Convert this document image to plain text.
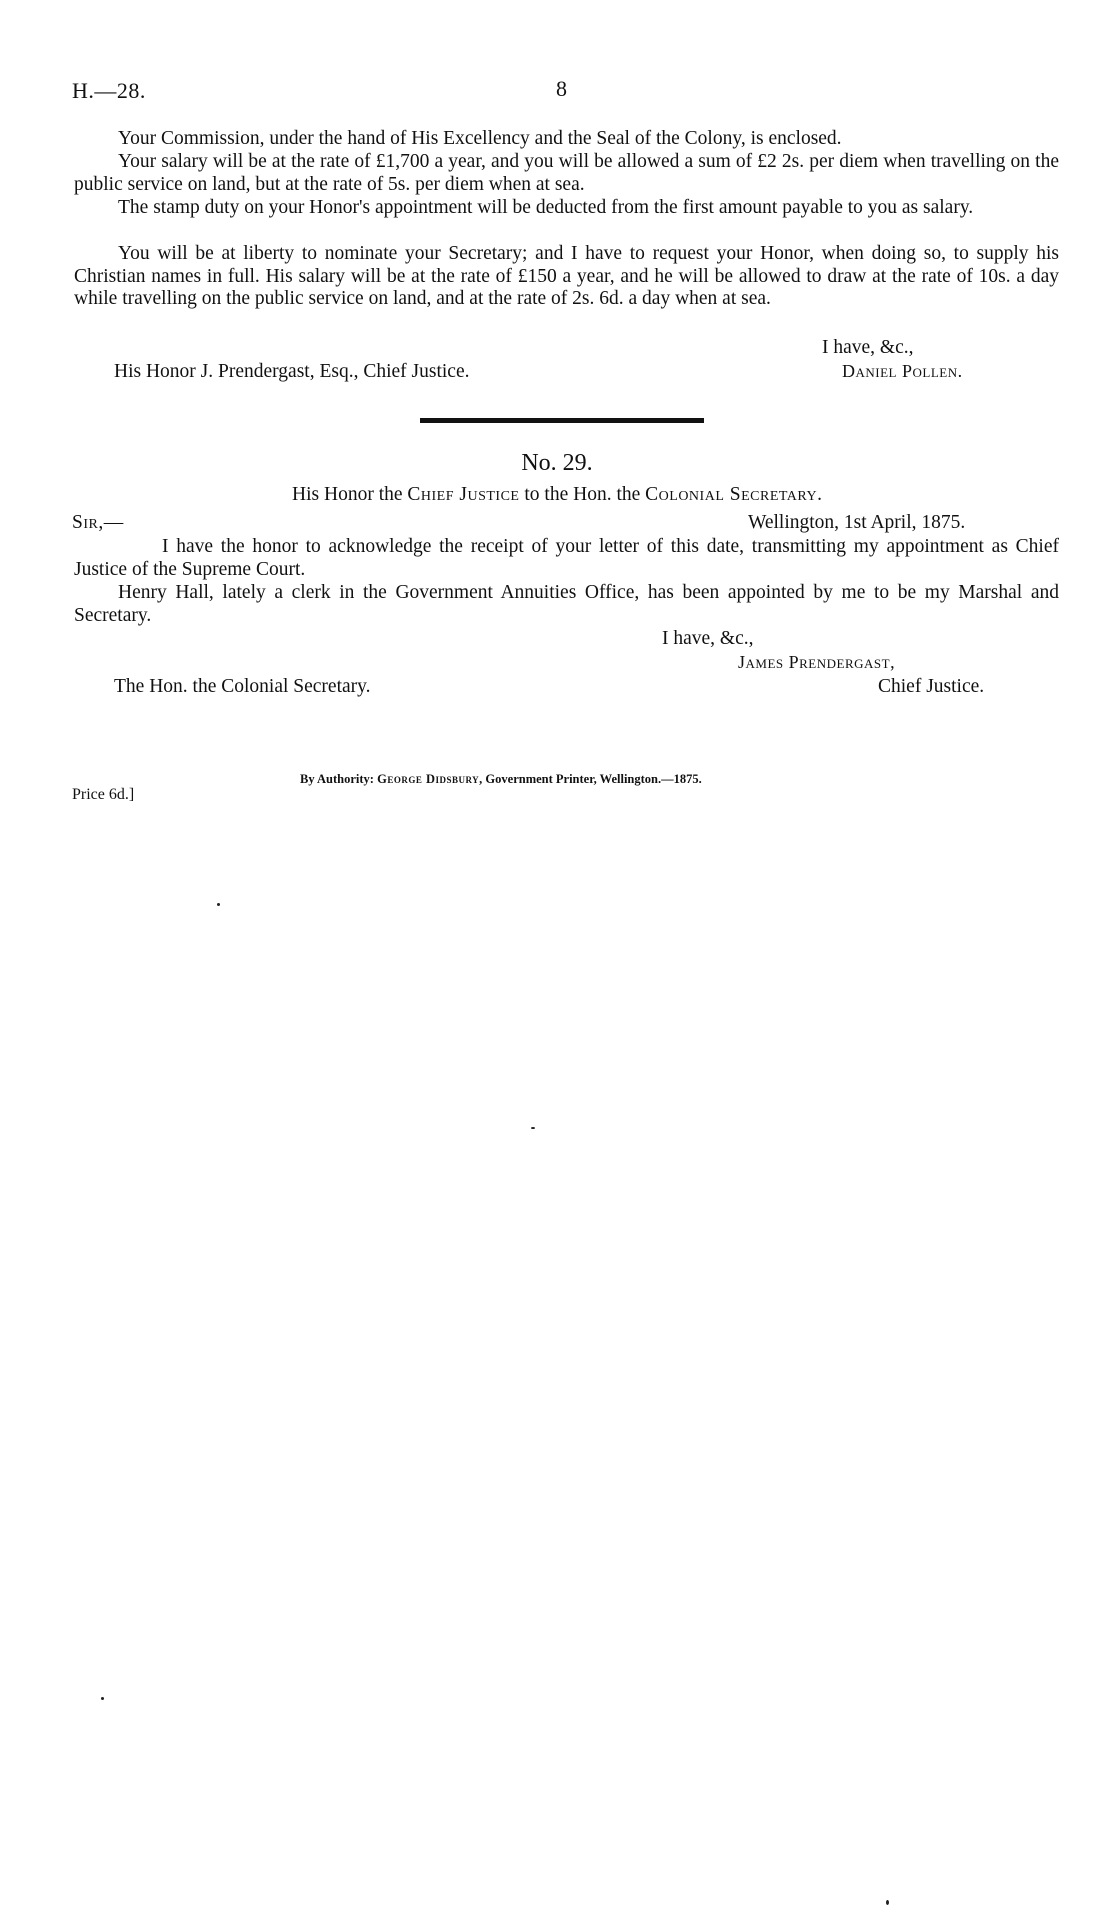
H.—28.	8
Your Commission, under the hand of His Excellency and the Seal of the Colony, is enclosed.
Your salary will be at the rate of £1,700 a year, and you will be allowed a sum of £2 2s. per diem when travelling on the public service on land, but at the rate of 5s. per diem when at sea.
The stamp duty on your Honor's appointment will be deducted from the first amount payable to you as salary.
You will be at liberty to nominate your Secretary; and I have to request your Honor, when doing so, to supply his Christian names in full. His salary will be at the rate of £150 a year, and he will be allowed to draw at the rate of 10s. a day while travelling on the public service on land, and at the rate of 2s. 6d. a day when at sea.
I have, &c.,
His Honor J. Prendergast, Esq., Chief Justice.	Daniel Pollen.
No. 29.
His Honor the Chief Justice to the Hon. the Colonial Secretary.
Sir,—	Wellington, 1st April, 1875.
I have the honor to acknowledge the receipt of your letter of this date, transmitting my appointment as Chief Justice of the Supreme Court.
Henry Hall, lately a clerk in the Government Annuities Office, has been appointed by me to be my Marshal and Secretary.
I have, &c.,
James Prendergast,
The Hon. the Colonial Secretary.	Chief Justice.
By Authority: George Didsbury, Government Printer, Wellington.—1875.
Price 6d.]
